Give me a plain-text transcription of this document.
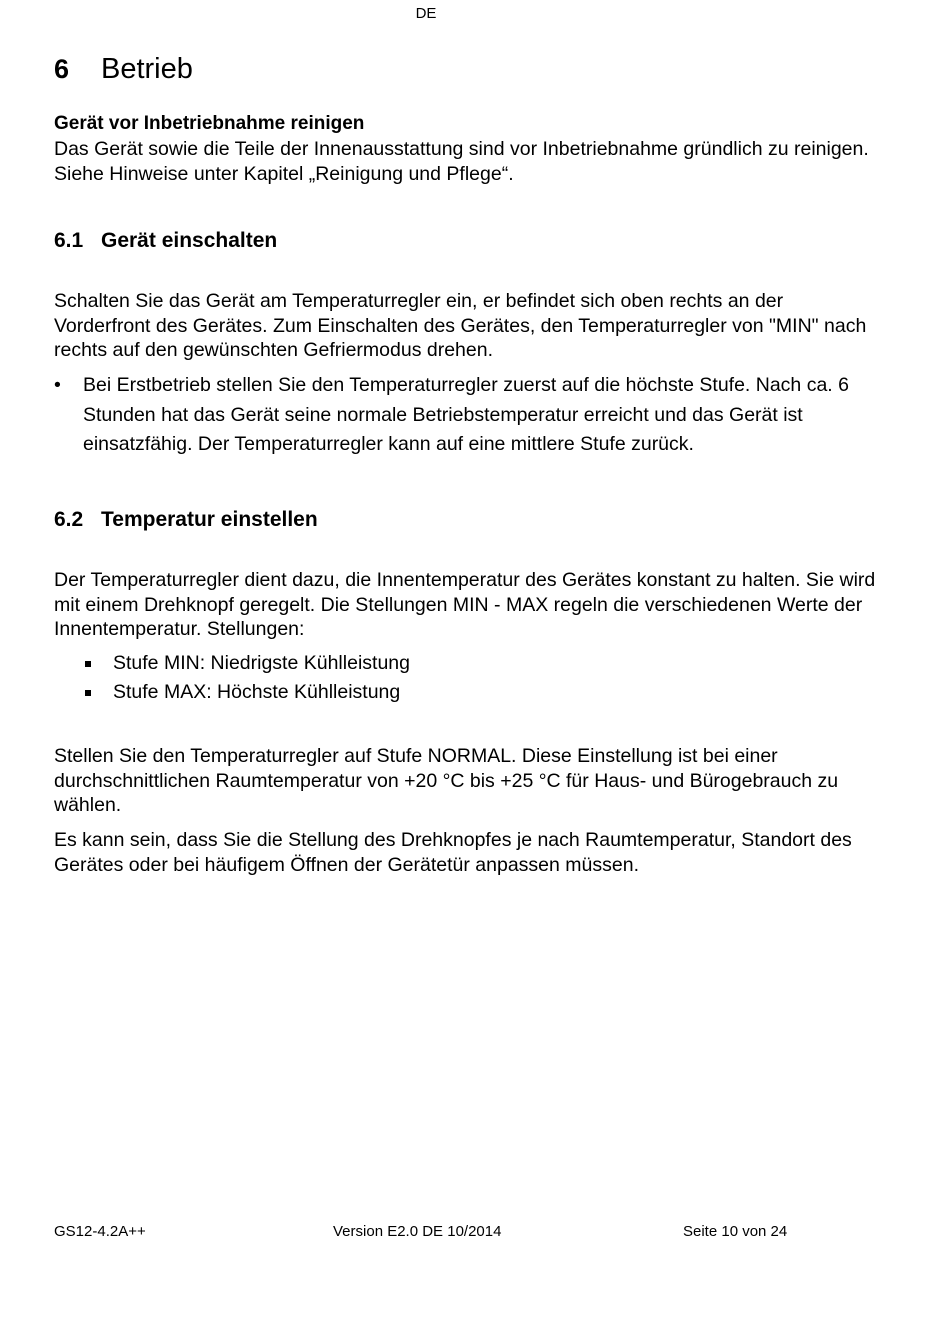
DE
6 Betrieb
Gerät vor Inbetriebnahme reinigen

Das Gerät sowie die Teile der Innenausstattung sind vor Inbetriebnahme gründlich zu reinigen. Siehe Hinweise unter Kapitel „Reinigung und Pflege“.

6.1 Gerät einschalten

Schalten Sie das Gerät am Temperaturregler ein, er befindet sich oben rechts an der Vorderfront des Gerätes. Zum Einschalten des Gerätes, den Temperaturregler von "MIN" nach rechts auf den gewünschten Gefriermodus drehen.

•	Bei Erstbetrieb stellen Sie den Temperaturregler zuerst auf die höchste Stufe. Nach ca. 6 Stunden hat das Gerät seine normale Betriebstemperatur erreicht und das Gerät ist einsatzfähig. Der Temperaturregler kann auf eine mittlere Stufe zurück.
6.2 Temperatur einstellen

Der Temperaturregler dient dazu, die Innentemperatur des Gerätes konstant zu halten. Sie wird mit einem Drehknopf geregelt. Die Stellungen MIN - MAX regeln die verschiedenen Werte der Innentemperatur. Stellungen:

Stufe MIN: Niedrigste Kühlleistung
Stufe MAX: Höchste Kühlleistung

Stellen Sie den Temperaturregler auf Stufe NORMAL. Diese Einstellung ist bei einer durchschnittlichen Raumtemperatur von +20 °C bis +25 °C für Haus- und Bürogebrauch zu wählen.

Es kann sein, dass Sie die Stellung des Drehknopfes je nach Raumtemperatur, Standort des Gerätes oder bei häufigem Öffnen der Gerätetür anpassen müssen.

GS12-4.2A++	Version E2.0 DE 10/2014	Seite 10 von 24
